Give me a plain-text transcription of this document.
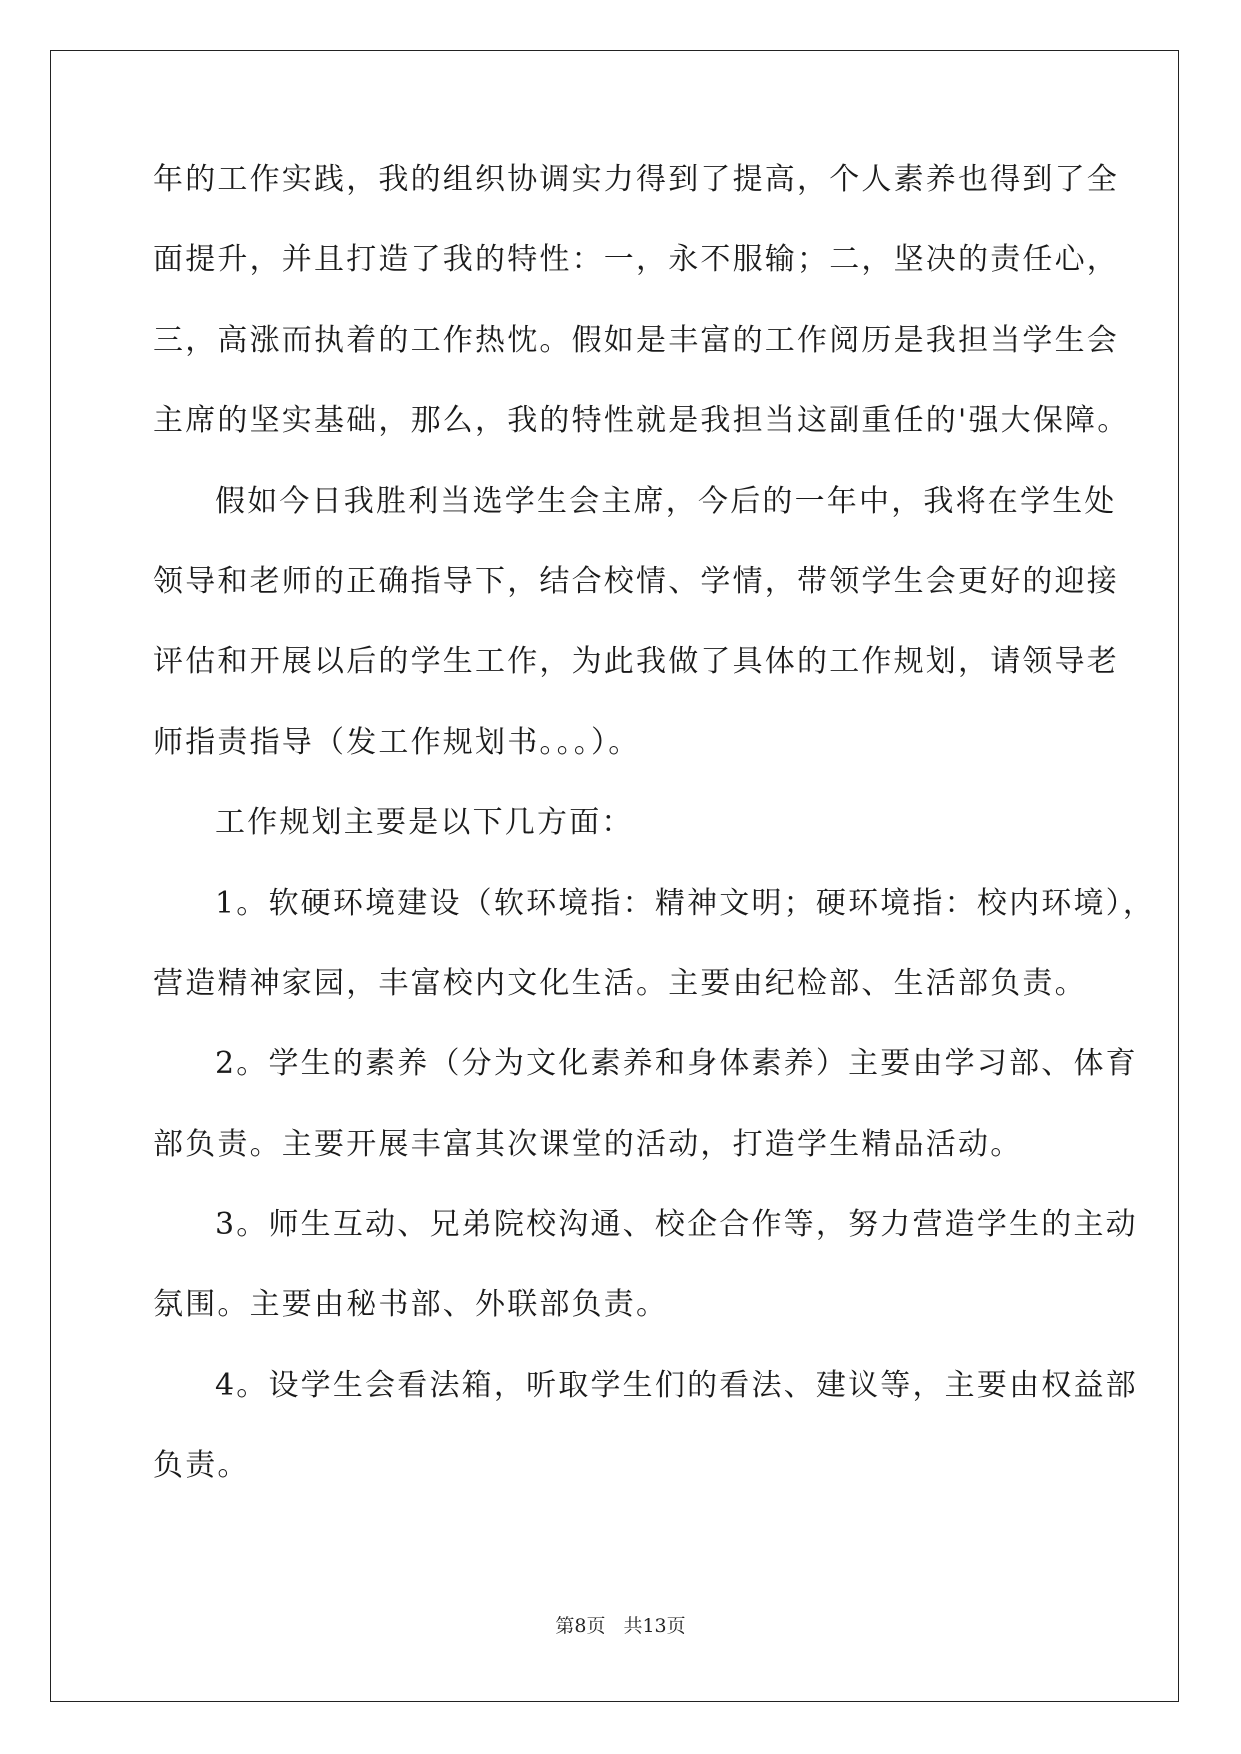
年的工作实践，我的组织协调实力得到了提高，个人素养也得到了全
面提升，并且打造了我的特性：一，永不服输；二，坚决的责任心，
三，高涨而执着的工作热忱。假如是丰富的工作阅历是我担当学生会
主席的坚实基础，那么，我的特性就是我担当这副重任的'强大保障。
假如今日我胜利当选学生会主席，今后的一年中，我将在学生处
领导和老师的正确指导下，结合校情、学情，带领学生会更好的迎接
评估和开展以后的学生工作，为此我做了具体的工作规划，请领导老
师指责指导（发工作规划书。。。）。
工作规划主要是以下几方面：
1。软硬环境建设（软环境指：精神文明；硬环境指：校内环境），
营造精神家园，丰富校内文化生活。主要由纪检部、生活部负责。
2。学生的素养（分为文化素养和身体素养）主要由学习部、体育
部负责。主要开展丰富其次课堂的活动，打造学生精品活动。
3。师生互动、兄弟院校沟通、校企合作等，努力营造学生的主动
氛围。主要由秘书部、外联部负责。
4。设学生会看法箱，听取学生们的看法、建议等，主要由权益部
负责。
第8页 共13页
